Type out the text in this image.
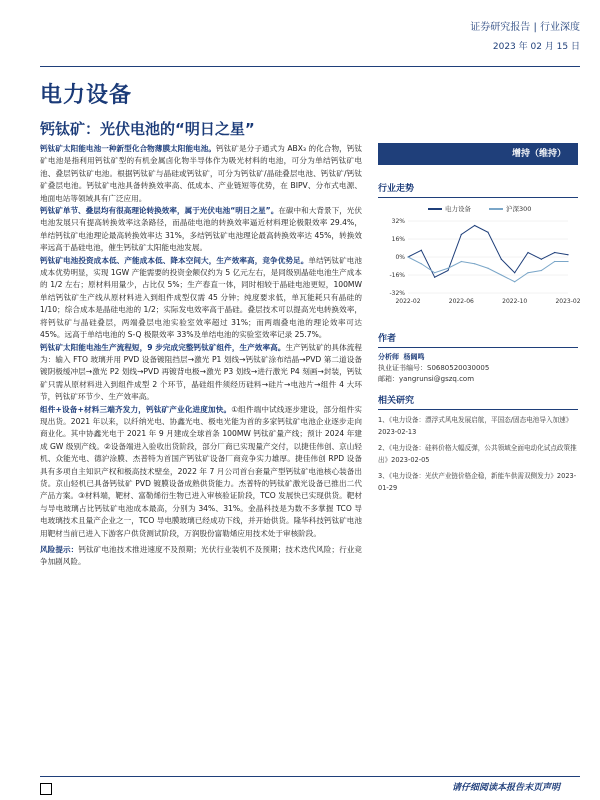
证券研究报告 | 行业深度
2023 年 02 月 15 日
电力设备
钙钛矿：光伏电池的“明日之星”

钙钛矿太阳能电池一种新型化合物薄膜太阳能电池。钙钛矿是分子通式为 ABX₃ 的化合物，钙钛矿电池是指利用钙钛矿型的有机金属卤化物半导体作为吸光材料的电池，可分为单结钙钛矿电池、叠层钙钛矿电池。根据钙钛矿与晶硅或钙钛矿，可分为钙钛矿/晶硅叠层电池、钙钛矿/钙钛矿叠层电池。钙钛矿电池具备转换效率高、低成本、产业链短等优势，在 BIPV、分布式电源、地面电站等领域具有广泛应用。

钙钛矿单节、叠层均有很高理论转换效率，属于光伏电池“明日之星”。在碳中和大背景下，光伏电池发展只有提高转换效率这条路径，而晶硅电池的转换效率逼近材料理论极限效率 29.4%，单结钙钛矿电池理论最高转换效率达 31%，多结钙钛矿电池理论最高转换效率达 45%，转换效率远高于晶硅电池，催生钙钛矿太阳能电池发展。

钙钛矿电池投资成本低、产能成本低、降本空间大，生产效率高，竞争优势足。单结钙钛矿电池成本优势明显，实现 1GW 产能需要的投资金额仅约为 5 亿元左右，是同级别晶硅电池生产成本的 1/2 左右；原材料用量少，占比仅 5%；生产春直一体，同时相较于晶硅电池更短，100MW 单结钙钛矿生产线从原材料进入到组件成型仅需 45 分钟；纯度要求低，单瓦能耗只有晶硅的 1/10；综合成本是晶硅电池的 1/2；实际发电效率高于晶硅。叠层技术可以提高光电转换效率，将钙钛矿与晶硅叠层，两端叠层电池实验室效率超过 31%；而两端叠电池的理论效率可达 45%。远高于单结电池的 S-Q 极限效率 33%及单结电池的实验室效率记录 25.7%。

钙钛矿太阳能电池生产流程短，9 步完成完整钙钛矿组件，生产效率高。生产钙钛矿的具体流程为：输入 FTO 玻璃并用 PVD 设备镀阻挡层→激光 P1 划线→钙钛矿涂布结晶→PVD 第二道设备镀阴极缓冲层→激光 P2 划线→PVD 再镀背电极→激光 P3 划线→进行激光 P4 刻画→封装，钙钛矿只需从原材料进入到组件成型 2 个环节，晶硅组件须经历硅料→硅片→电池片→组件 4 大环节，钙钛矿环节少、生产效率高。

组件+设备+材料三端齐发力，钙钛矿产业化进度加快。①组件端中试线逐步建设，部分组件实现出货。2021 年以来，以纤纳光电、协鑫光电、极电光能为首的多家钙钛矿电池企业逐步走向商业化。其中协鑫光电于 2021 年 9 月建成全球首条 100MW 钙钛矿量产线；预计 2024 年建成 GW 级别产线。②设备端进入验收出货阶段，部分厂商已实现量产交付，以捷佳伟创、京山轻机、众能光电、德沪涂膜、杰普特为首国产钙钛矿设备厂商竞争实力雄厚。捷佳伟创 RPD 设备具有多项自主知识产权和极高技术壁垒，2022 年 7 月公司首台套量产型钙钛矿电池核心装备出货。京山轻机已具备钙钛矿 PVD 镀膜设备成熟供货能力。杰普特的钙钛矿激光设备已推出二代产品方案。③材料端，靶材、富勒烯衍生物已进入审核验证阶段，TCO 发展快已实现供货。靶材与导电玻璃占比钙钛矿电池成本最高，分别为 34%、31%。金晶科技是为数不多掌握 TCO 导电玻璃技术且量产企业之一，TCO 导电膜玻璃已经成功下线，并开始供货。隆华科技钙钛矿电池用靶材当前已进入下游客户供货测试阶段，万润股份富勒烯应用技术处于审核阶段。

风险提示：钙钛矿电池技术推进速度不及预期；光伏行业装机不及预期；技术迭代风险；行业竞争加剧风险。

增持（维持）
行业走势
电力设备	沪深300
32%
16%
0%
-16%
-32%
2022-02	2022-06	2022-10	2023-02
作者
分析师 杨阔鸣
执业证书编号：S0680520030005
邮箱：yangrunsi@gszq.com
相关研究
1、《电力设备：漂浮式风电发展启航，平国态/固态电池导入加速》2023-02-13
2、《电力设备：硅料价格大幅反弹，公共领域全面电动化试点政策推出》2023-02-05
3、《电力设备：光伏产业链价格企稳，新能车供需双侧发力》2023-01-29
请仔细阅读本报告末页声明
